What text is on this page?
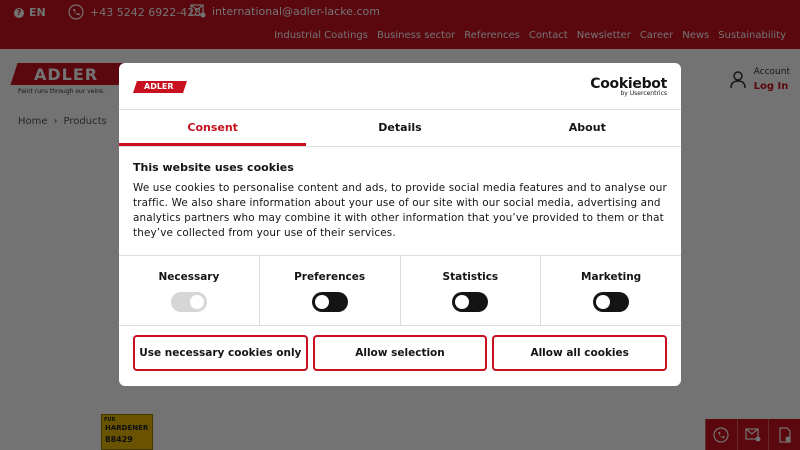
ADLER	Cookiebot
by Usercentrics
Consent	Details	About
This website uses cookies

We use cookies to personalise content and ads, to provide social media features and to analyse our traffic. We also share information about your use of our site with our social media, advertising and analytics partners who may combine it with other information that you’ve provided to them or that they’ve collected from your use of their services.

Necessary	Preferences	Statistics	Marketing
Use necessary cookies only	Allow selection	Allow all cookies
